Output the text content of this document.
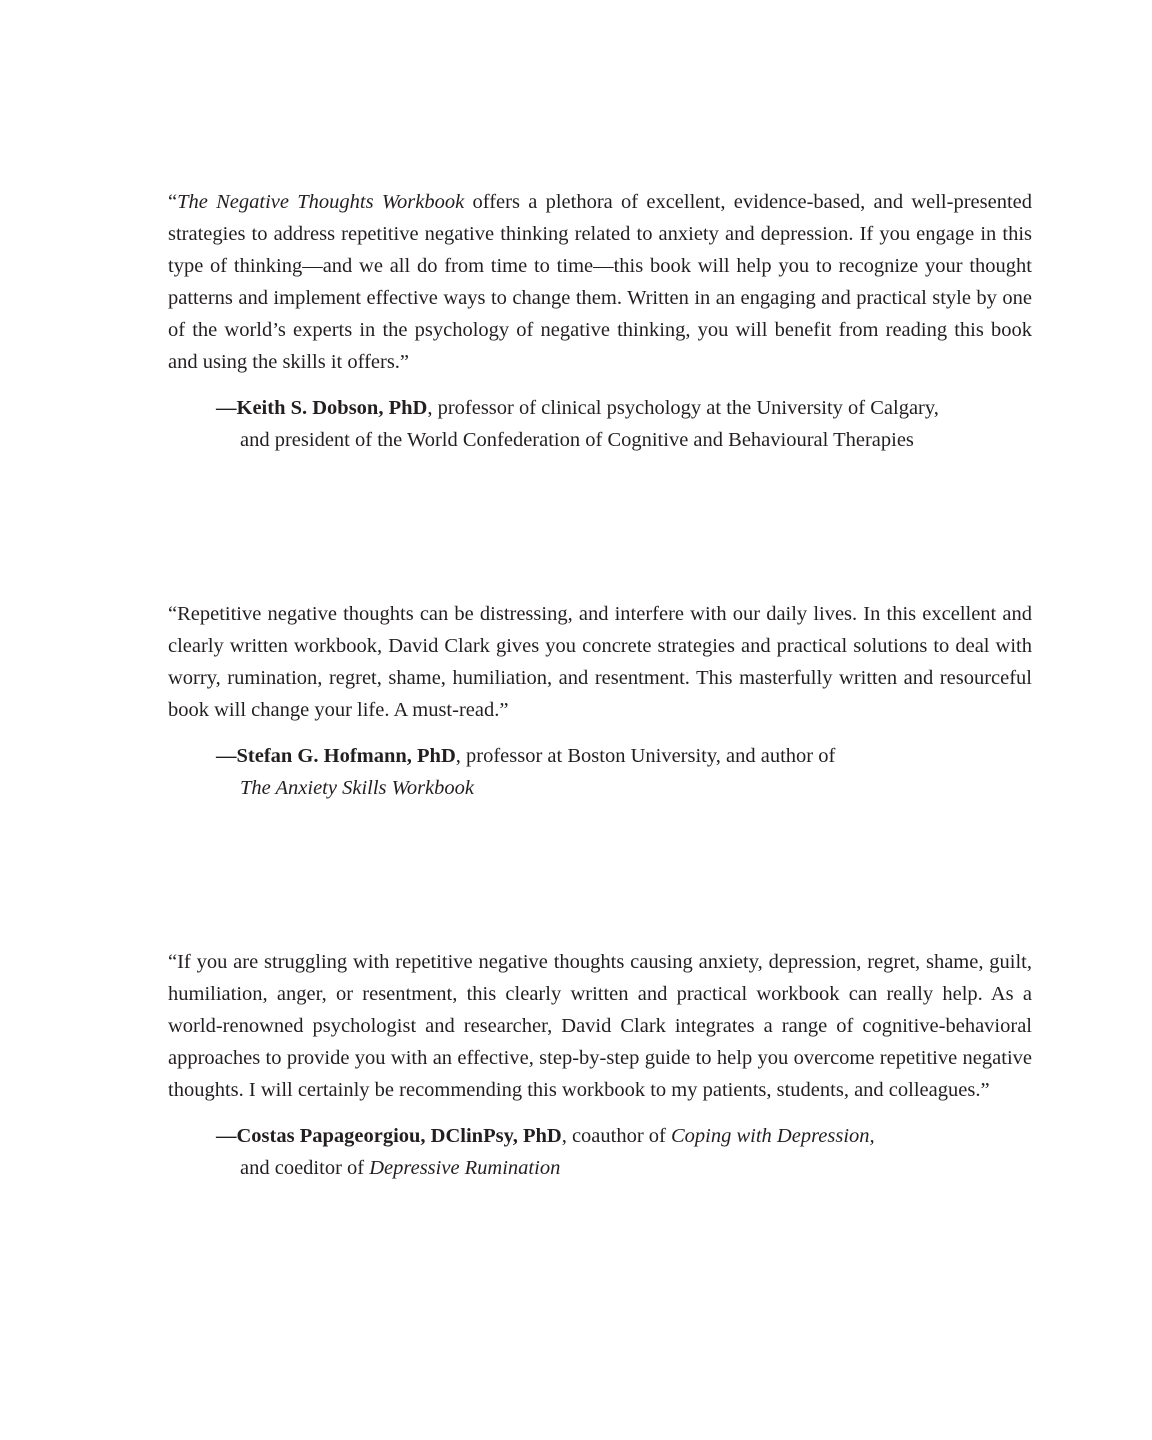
“The Negative Thoughts Workbook offers a plethora of excellent, evidence-based, and well-presented strategies to address repetitive negative thinking related to anxiety and depression. If you engage in this type of thinking—and we all do from time to time—this book will help you to recognize your thought patterns and implement effective ways to change them. Written in an engaging and practical style by one of the world’s experts in the psychology of negative thinking, you will benefit from reading this book and using the skills it offers.”

—Keith S. Dobson, PhD, professor of clinical psychology at the University of Calgary,
and president of the World Confederation of Cognitive and Behavioural Therapies

“Repetitive negative thoughts can be distressing, and interfere with our daily lives. In this excellent and clearly written workbook, David Clark gives you concrete strategies and practical solutions to deal with worry, rumination, regret, shame, humiliation, and resentment. This masterfully written and resourceful book will change your life. A must-read.”

—Stefan G. Hofmann, PhD, professor at Boston University, and author of
The Anxiety Skills Workbook

“If you are struggling with repetitive negative thoughts causing anxiety, depression, regret, shame, guilt, humiliation, anger, or resentment, this clearly written and practical workbook can really help. As a world-renowned psychologist and researcher, David Clark integrates a range of cognitive-behavioral approaches to provide you with an effective, step-by-step guide to help you overcome repetitive negative thoughts. I will certainly be recommending this workbook to my patients, students, and colleagues.”

—Costas Papageorgiou, DClinPsy, PhD, coauthor of Coping with Depression,
and coeditor of Depressive Rumination
